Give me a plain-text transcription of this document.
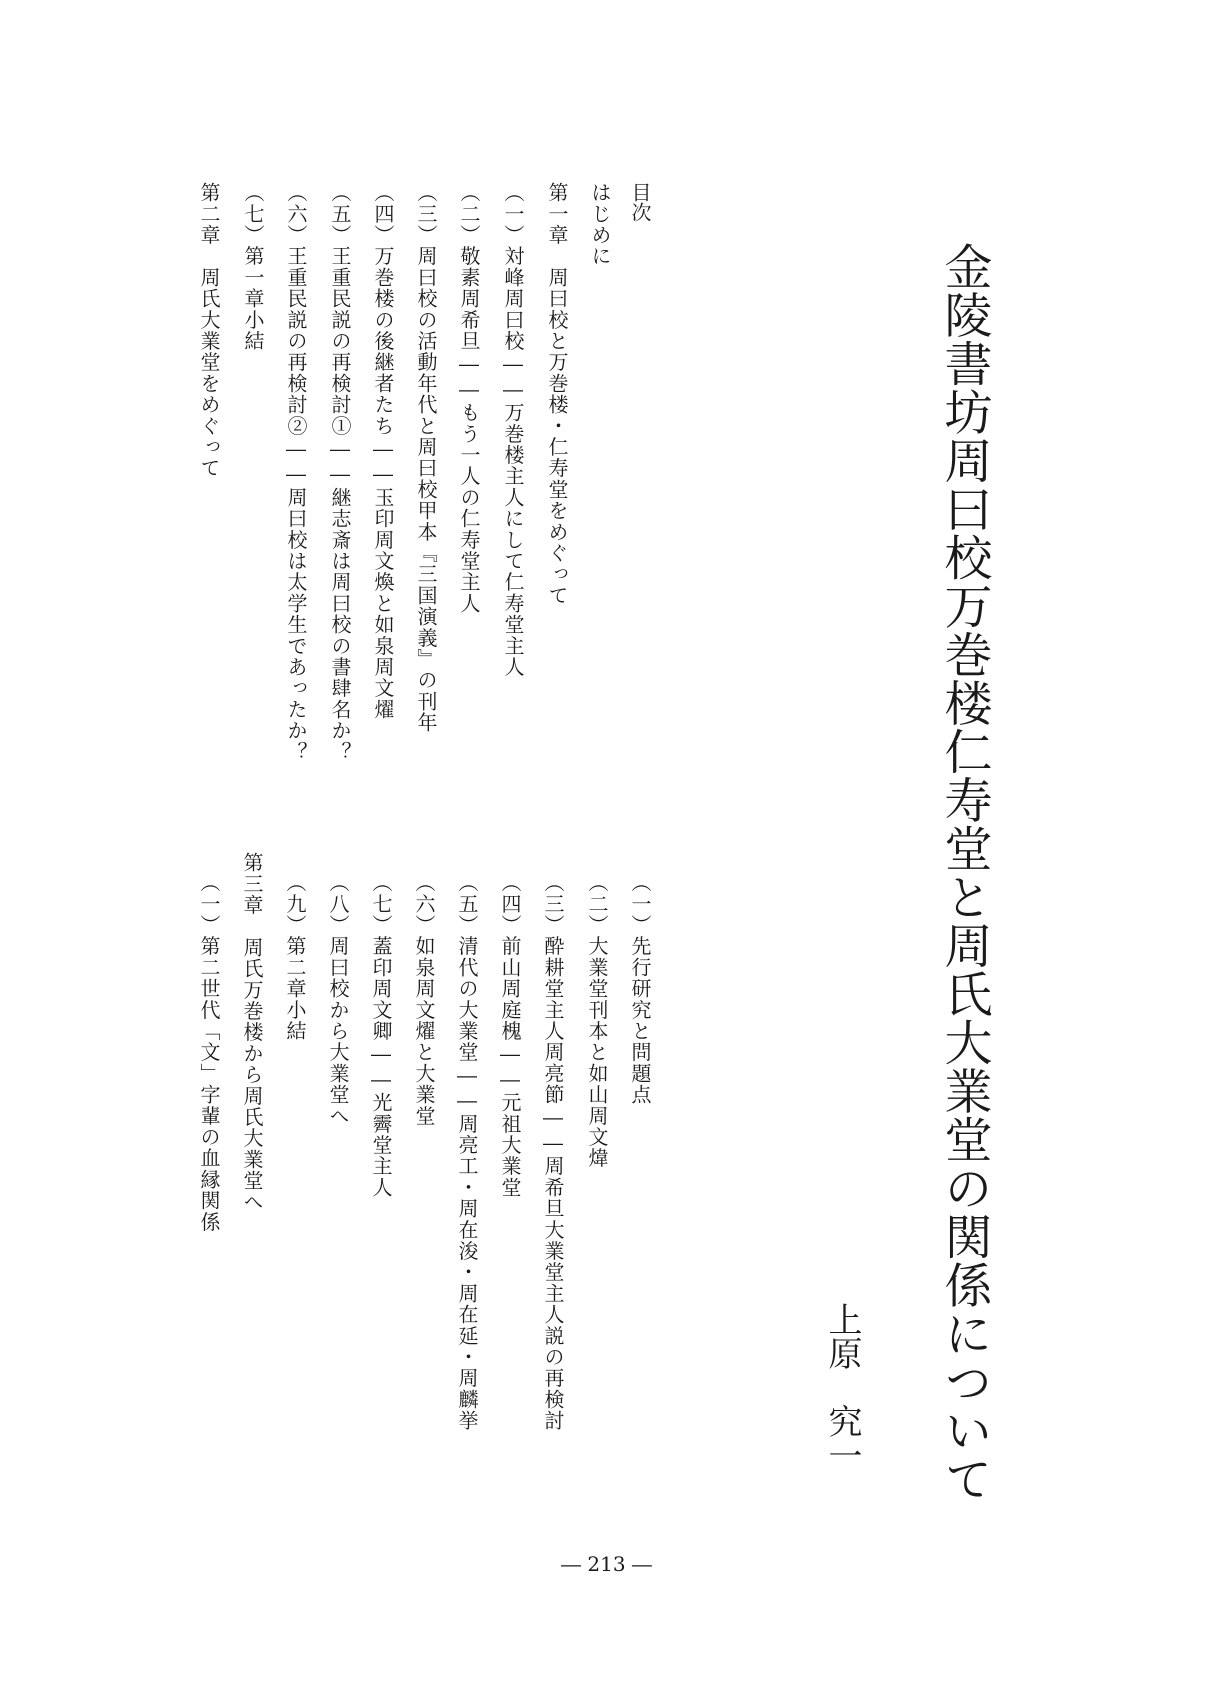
金陵書坊周曰校万巻楼仁寿堂と周氏大業堂の関係について
上原　究一
目次
はじめに
第一章　周曰校と万巻楼・仁寿堂をめぐって
（一）対峰周曰校――万巻楼主人にして仁寿堂主人
（二）敬素周希旦――もう一人の仁寿堂主人
（三）周曰校の活動年代と周曰校甲本『三国演義』の刊年
（四）万巻楼の後継者たち――玉印周文煥と如泉周文燿
（五）王重民説の再検討①――継志斎は周曰校の書肆名か？
（六）王重民説の再検討②――周曰校は太学生であったか？
（七）第一章小結
第二章　周氏大業堂をめぐって
（一）先行研究と問題点
（二）大業堂刊本と如山周文煒
（三）酔耕堂主人周亮節――周希旦大業堂主人説の再検討
（四）前山周庭槐――元祖大業堂
（五）清代の大業堂――周亮工・周在浚・周在延・周麟挙
（六）如泉周文燿と大業堂
（七）蓋印周文卿――光霽堂主人
（八）周曰校から大業堂へ
（九）第二章小結
第三章　周氏万巻楼から周氏大業堂へ
（一）第二世代「文」字輩の血縁関係
― 213 ―
